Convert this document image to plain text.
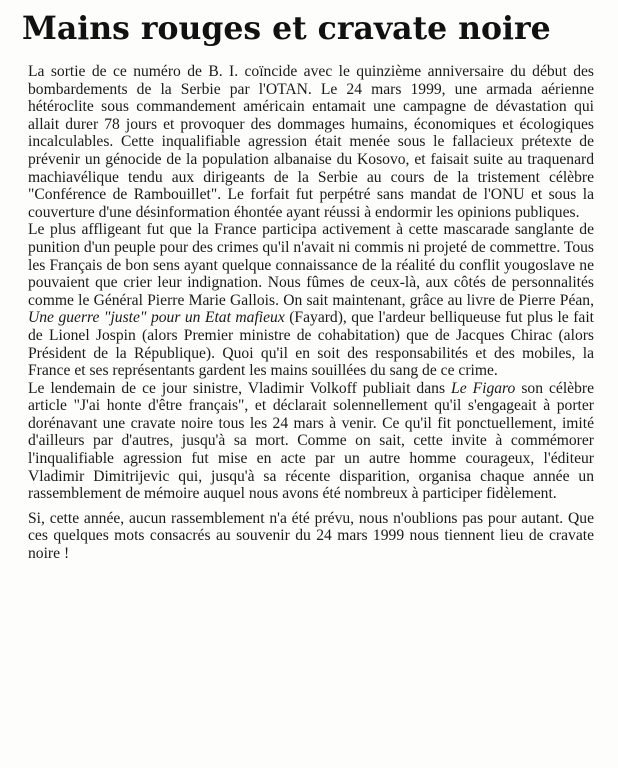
Mains rouges et cravate noire

La sortie de ce numéro de B. I. coïncide avec le quinzième anniversaire du début des bombardements de la Serbie par l'OTAN. Le 24 mars 1999, une armada aérienne hétéroclite sous commandement américain entamait une campagne de dévastation qui allait durer 78 jours et provoquer des dommages humains, économiques et écologiques incalculables. Cette inqualifiable agression était menée sous le fallacieux prétexte de prévenir un génocide de la population albanaise du Kosovo, et faisait suite au traquenard machiavélique tendu aux dirigeants de la Serbie au cours de la tristement célèbre "Conférence de Rambouillet". Le forfait fut perpétré sans mandat de l'ONU et sous la couverture d'une désinformation éhontée ayant réussi à endormir les opinions publiques.

Le plus affligeant fut que la France participa activement à cette mascarade sanglante de punition d'un peuple pour des crimes qu'il n'avait ni commis ni projeté de commettre. Tous les Français de bon sens ayant quelque connaissance de la réalité du conflit yougoslave ne pouvaient que crier leur indignation. Nous fûmes de ceux-là, aux côtés de personnalités comme le Général Pierre Marie Gallois. On sait maintenant, grâce au livre de Pierre Péan, Une guerre "juste" pour un Etat mafieux (Fayard), que l'ardeur belliqueuse fut plus le fait de Lionel Jospin (alors Premier ministre de cohabitation) que de Jacques Chirac (alors Président de la République). Quoi qu'il en soit des responsabilités et des mobiles, la France et ses représentants gardent les mains souillées du sang de ce crime.

Le lendemain de ce jour sinistre, Vladimir Volkoff publiait dans Le Figaro son célèbre article "J'ai honte d'être français", et déclarait solennellement qu'il s'engageait à porter dorénavant une cravate noire tous les 24 mars à venir. Ce qu'il fit ponctuellement, imité d'ailleurs par d'autres, jusqu'à sa mort. Comme on sait, cette invite à commémorer l'inqualifiable agression fut mise en acte par un autre homme courageux, l'éditeur Vladimir Dimitrijevic qui, jusqu'à sa récente disparition, organisa chaque année un rassemblement de mémoire auquel nous avons été nombreux à participer fidèlement.

Si, cette année, aucun rassemblement n'a été prévu, nous n'oublions pas pour autant. Que ces quelques mots consacrés au souvenir du 24 mars 1999 nous tiennent lieu de cravate noire !
